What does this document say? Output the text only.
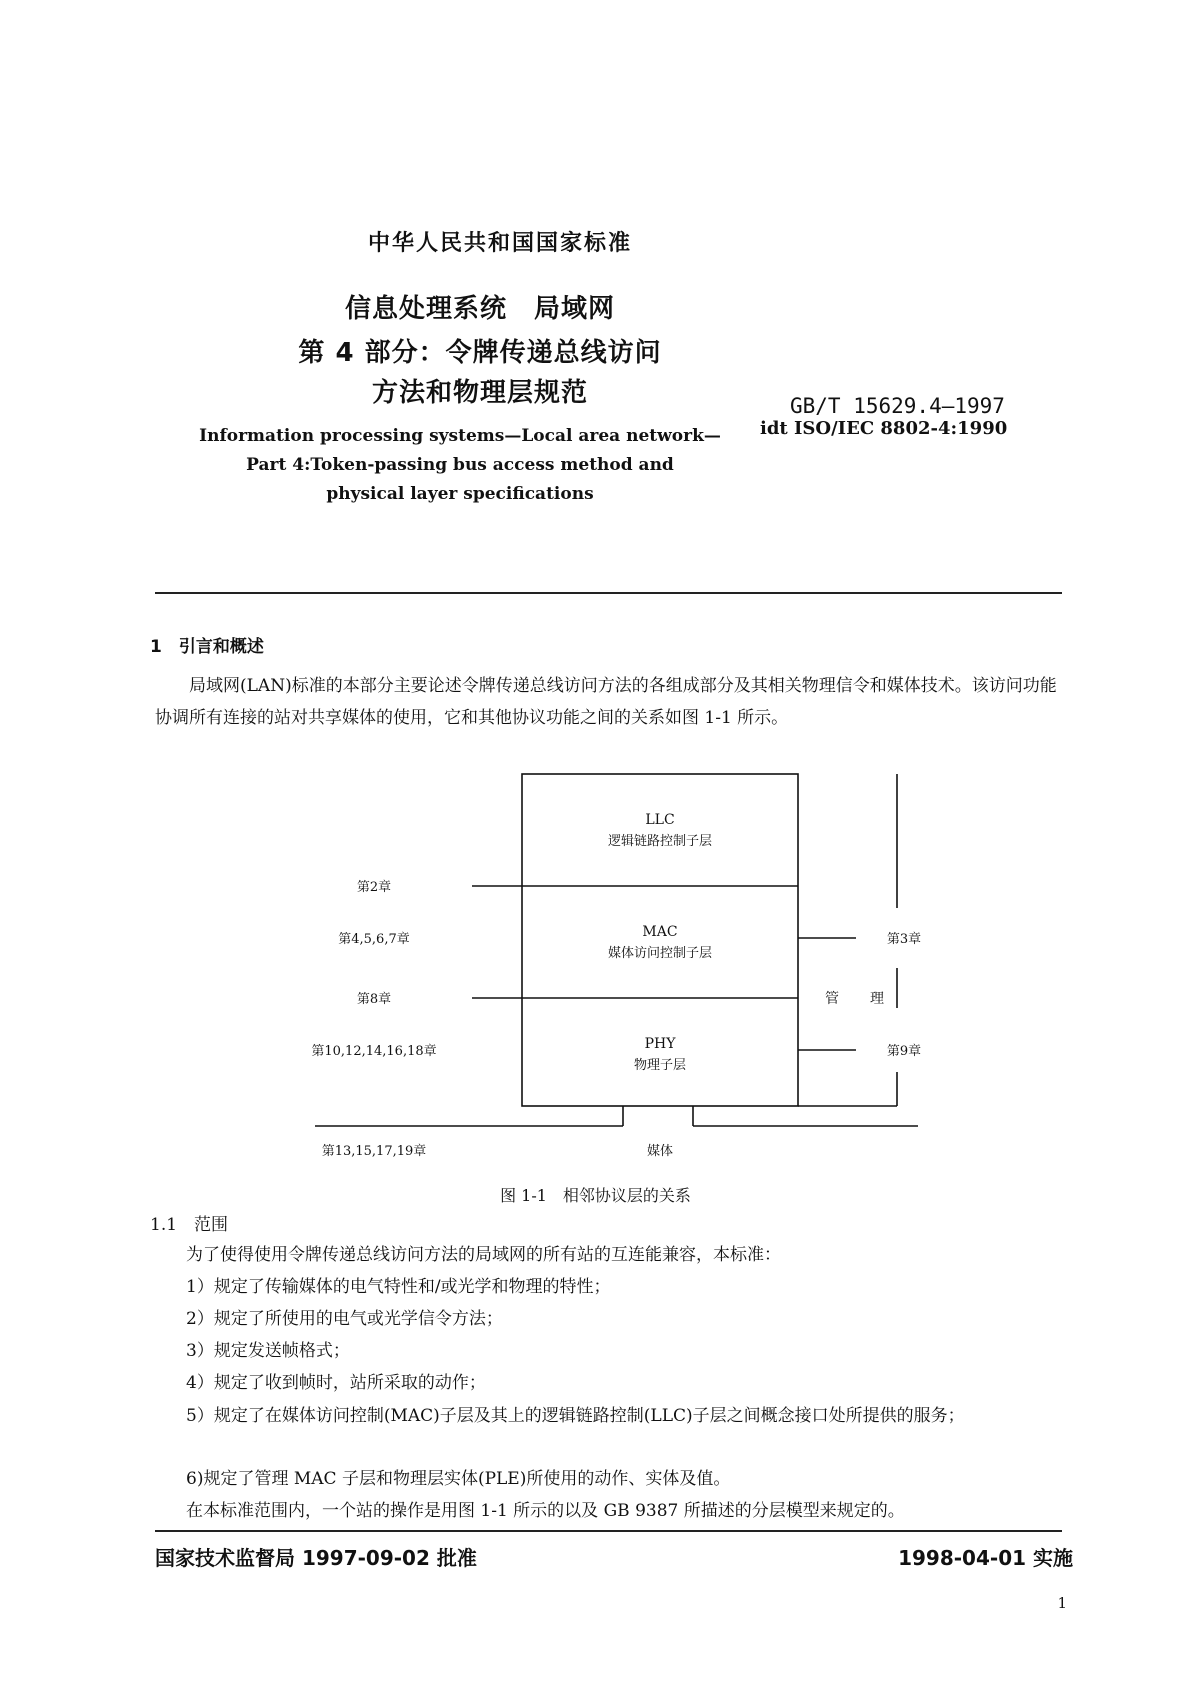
中华人民共和国国家标准
信息处理系统　局域网
第 4 部分：令牌传递总线访问
方法和物理层规范	GB/T 15629.4—1997
idt ISO/IEC 8802-4:1990
Information processing systems—Local area network—
Part 4:Token-passing bus access method and
physical layer specifications
1　引言和概述
局域网(LAN)标准的本部分主要论述令牌传递总线访问方法的各组成部分及其相关物理信令和媒体技术。该访问功能协调所有连接的站对共享媒体的使用，它和其他协议功能之间的关系如图 1-1 所示。
LLC
逻辑链路控制子层
MAC
媒体访问控制子层
PHY
物理子层
第2章
第4,5,6,7章
第8章
第10,12,14,16,18章
第13,15,17,19章
第3章
第9章
管 理
媒体
图 1-1　相邻协议层的关系
1.1　范围
为了使得使用令牌传递总线访问方法的局域网的所有站的互连能兼容，本标准：
1）规定了传输媒体的电气特性和/或光学和物理的特性；
2）规定了所使用的电气或光学信令方法；
3）规定发送帧格式；
4）规定了收到帧时，站所采取的动作；
5）规定了在媒体访问控制(MAC)子层及其上的逻辑链路控制(LLC)子层之间概念接口处所提供的服务；
6)规定了管理 MAC 子层和物理层实体(PLE)所使用的动作、实体及值。
在本标准范围内，一个站的操作是用图 1-1 所示的以及 GB 9387 所描述的分层模型来规定的。
国家技术监督局 1997-09-02 批准	1998-04-01 实施
1
